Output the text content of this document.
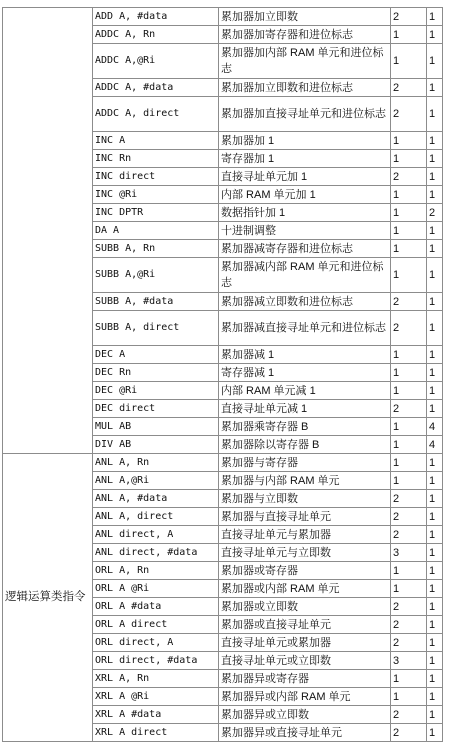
	ADD A, #data	累加器加立即数	2	1
	ADDC A, Rn	累加器加寄存器和进位标志	1	1
	ADDC A,@Ri	累加器加内部 RAM 单元和进位标志	1	1
	ADDC A, #data	累加器加立即数和进位标志	2	1
	ADDC A, direct	累加器加直接寻址单元和进位标志	2	1
	INC A	累加器加 1	1	1
	INC Rn	寄存器加 1	1	1
	INC direct	直接寻址单元加 1	2	1
	INC @Ri	内部 RAM 单元加 1	1	1
	INC DPTR	数据指针加 1	1	2
	DA A	十进制调整	1	1
	SUBB A, Rn	累加器减寄存器和进位标志	1	1
	SUBB A,@Ri	累加器减内部 RAM 单元和进位标志	1	1
	SUBB A, #data	累加器减立即数和进位标志	2	1
	SUBB A, direct	累加器减直接寻址单元和进位标志	2	1
	DEC A	累加器减 1	1	1
	DEC Rn	寄存器减 1	1	1
	DEC @Ri	内部 RAM 单元减 1	1	1
	DEC direct	直接寻址单元减 1	2	1
	MUL AB	累加器乘寄存器 B	1	4
	DIV AB	累加器除以寄存器 B	1	4
逻辑运算类指令	ANL A, Rn	累加器与寄存器	1	1
	ANL A,@Ri	累加器与内部 RAM 单元	1	1
	ANL A, #data	累加器与立即数	2	1
	ANL A, direct	累加器与直接寻址单元	2	1
	ANL direct, A	直接寻址单元与累加器	2	1
	ANL direct, #data	直接寻址单元与立即数	3	1
	ORL A, Rn	累加器或寄存器	1	1
	ORL A @Ri	累加器或内部 RAM 单元	1	1
	ORL A #data	累加器或立即数	2	1
	ORL A direct	累加器或直接寻址单元	2	1
	ORL direct, A	直接寻址单元或累加器	2	1
	ORL direct, #data	直接寻址单元或立即数	3	1
	XRL A, Rn	累加器异或寄存器	1	1
	XRL A @Ri	累加器异或内部 RAM 单元	1	1
	XRL A #data	累加器异或立即数	2	1
	XRL A direct	累加器异或直接寻址单元	2	1
